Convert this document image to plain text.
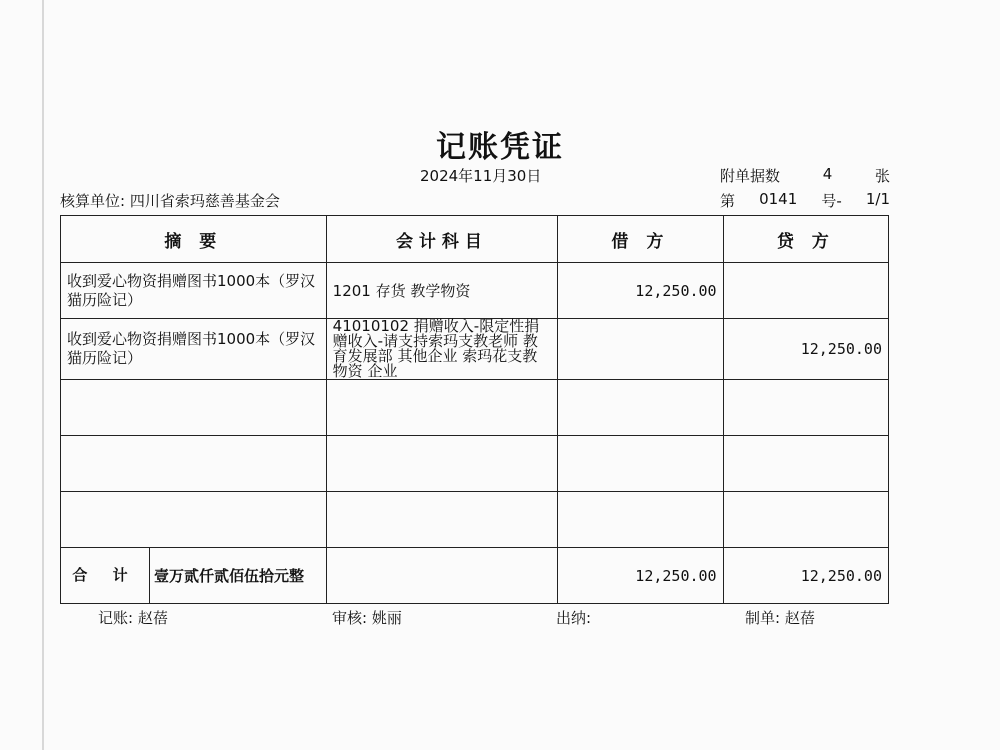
记账凭证
2024年11月30日	附单据数	4	张
核算单位: 四川省索玛慈善基金会	第 0141 号- 1/1
摘 要	会计科目	借 方	贷 方
收到爱心物资捐赠图书1000本（罗汉猫历险记）	1201 存货 教学物资	12,250.00	
收到爱心物资捐赠图书1000本（罗汉猫历险记）	41010102 捐赠收入-限定性捐赠收入-请支持索玛支教老师 教育发展部 其他企业 索玛花支教 物资 企业		12,250.00

合 计 壹万贰仟贰佰伍拾元整		12,250.00	12,250.00
记账: 赵蓓	审核: 姚丽	出纳:	制单: 赵蓓
